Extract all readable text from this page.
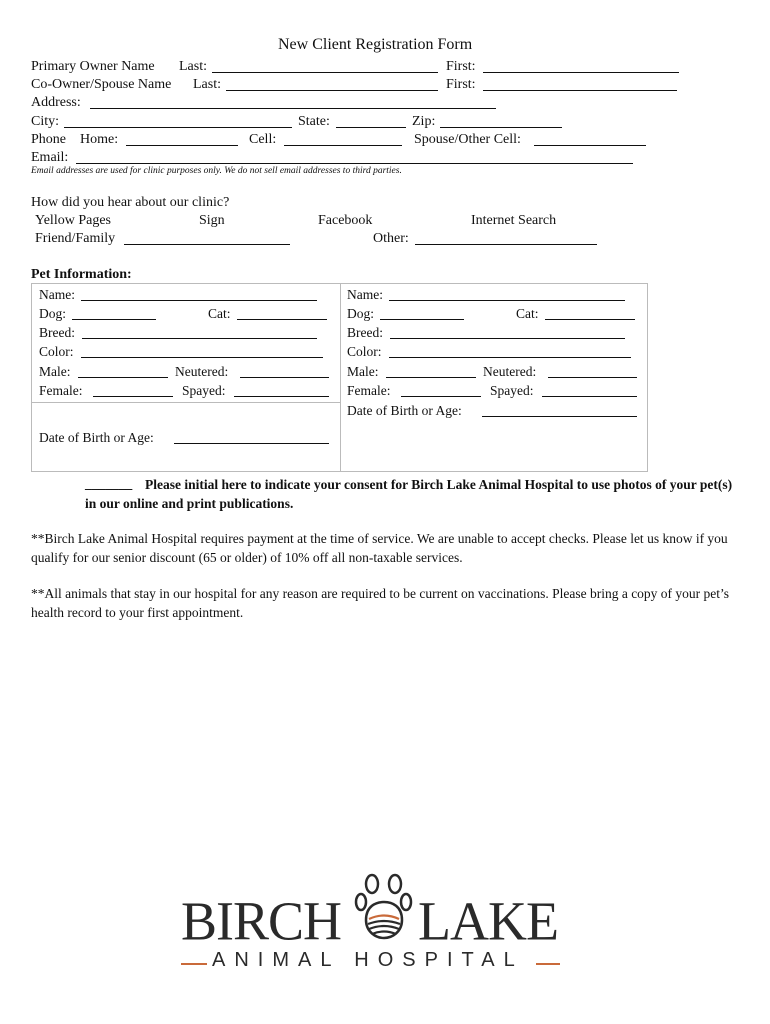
New Client Registration Form
Primary Owner Name Last:	First:
Co-Owner/Spouse Name Last:	First:
Address:
City:	State:	Zip:
Phone Home:	Cell:	Spouse/Other Cell:
Email:
Email addresses are used for clinic purposes only. We do not sell email addresses to third parties.
How did you hear about our clinic?
Yellow Pages	Sign	Facebook	Internet Search
Friend/Family	Other:
Pet Information:
Name:
Dog:	Cat:
Breed:
Color:
Male:	Neutered:
Female:	Spayed:
Date of Birth or Age:
Name:
Dog:	Cat:
Breed:
Color:
Male:	Neutered:
Female:	Spayed:
Date of Birth or Age:
_______ Please initial here to indicate your consent for Birch Lake Animal Hospital to use photos of your pet(s) in our online and print publications.
**Birch Lake Animal Hospital requires payment at the time of service. We are unable to accept checks. Please let us know if you qualify for our senior discount (65 or older) of 10% off all non-taxable services.
**All animals that stay in our hospital for any reason are required to be current on vaccinations. Please bring a copy of your pet’s health record to your first appointment.
BIRCH LAKE
ANIMAL HOSPITAL
